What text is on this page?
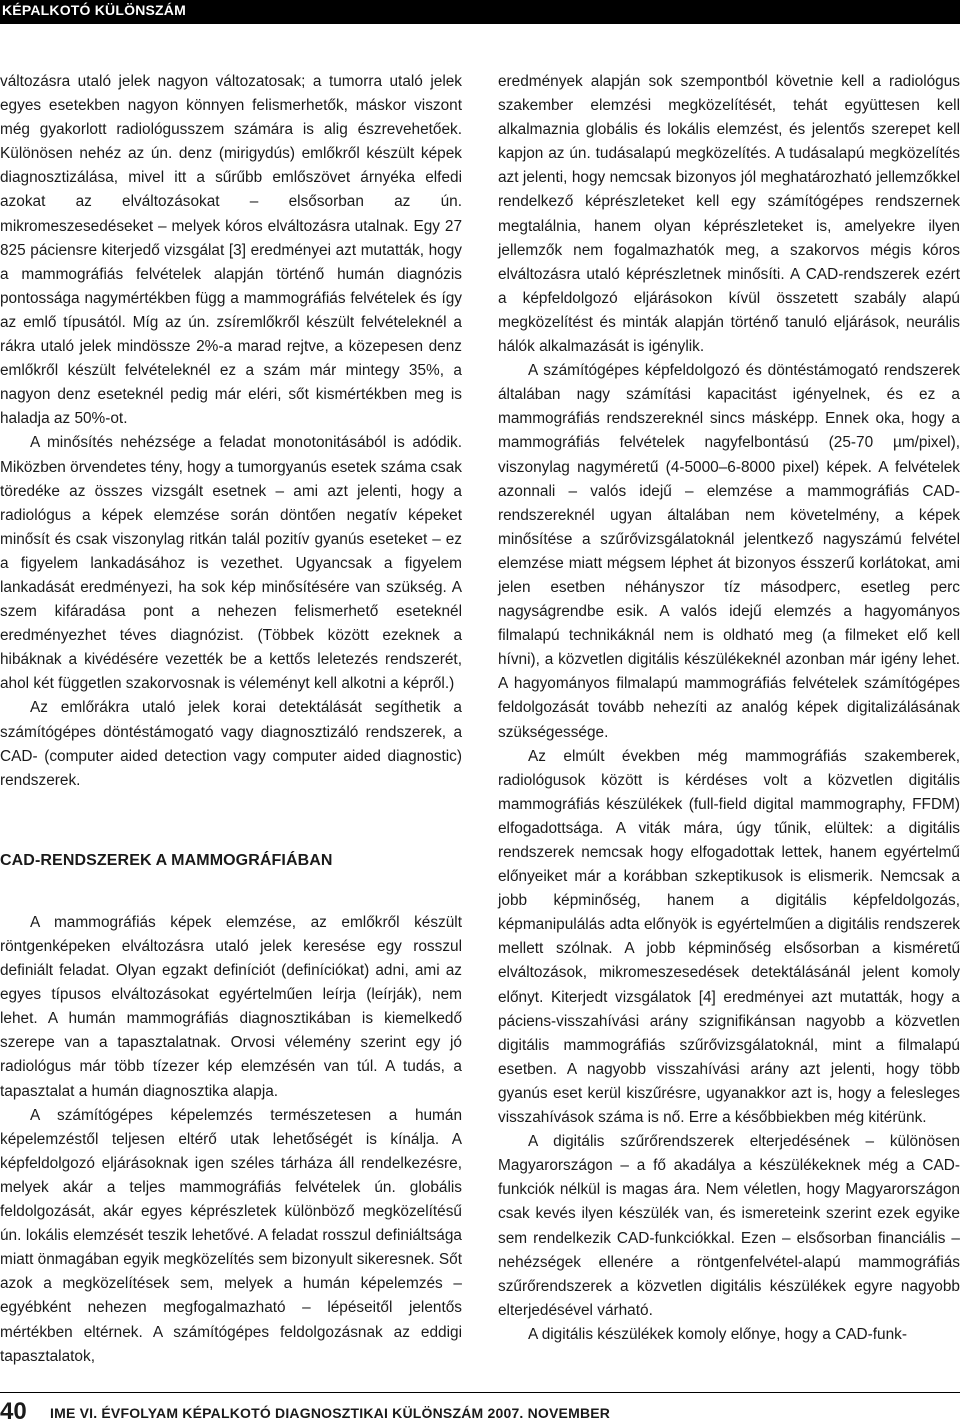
KÉPALKOTÓ KÜLÖNSZÁM

változásra utaló jelek nagyon változatosak; a tumorra utaló jelek egyes esetekben nagyon könnyen felismerhetők, máskor viszont még gyakorlott radiológusszem számára is alig észrevehetőek. Különösen nehéz az ún. denz (mirigydús) emlőkről készült képek diagnosztizálása, mivel itt a sűrűbb emlőszövet árnyéka elfedi azokat az elváltozásokat – elsősorban az ún. mikromeszesedéseket – melyek kóros elváltozásra utalnak. Egy 27 825 páciensre kiterjedő vizsgálat [3] eredményei azt mutatták, hogy a mammográfiás felvételek alapján történő humán diagnózis pontossága nagymértékben függ a mammográfiás felvételek és így az emlő típusától. Míg az ún. zsíremlőkről készült felvételeknél a rákra utaló jelek mindössze 2%-a marad rejtve, a közepesen denz emlőkről készült felvételeknél ez a szám már mintegy 35%, a nagyon denz eseteknél pedig már eléri, sőt kismértékben meg is haladja az 50%-ot.

A minősítés nehézsége a feladat monotonitásából is adódik. Miközben örvendetes tény, hogy a tumorgyanús esetek száma csak töredéke az összes vizsgált esetnek – ami azt jelenti, hogy a radiológus a képek elemzése során döntően negatív képeket minősít és csak viszonylag ritkán talál pozitív gyanús eseteket – ez a figyelem lankadásához is vezethet. Ugyancsak a figyelem lankadását eredményezi, ha sok kép minősítésére van szükség. A szem kifáradása pont a nehezen felismerhető eseteknél eredményezhet téves diagnózist. (Többek között ezeknek a hibáknak a kivédésére vezették be a kettős leletezés rendszerét, ahol két független szakorvosnak is véleményt kell alkotni a képről.)

Az emlőrákra utaló jelek korai detektálását segíthetik a számítógépes döntéstámogató vagy diagnosztizáló rendszerek, a CAD- (computer aided detection vagy computer aided diagnostic) rendszerek.

CAD-RENDSZEREK A MAMMOGRÁFIÁBAN

A mammográfiás képek elemzése, az emlőkről készült röntgenképeken elváltozásra utaló jelek keresése egy rosszul definiált feladat. Olyan egzakt definíciót (definíciókat) adni, ami az egyes típusos elváltozásokat egyértelműen leírja (leírják), nem lehet. A humán mammográfiás diagnosztikában is kiemelkedő szerepe van a tapasztalatnak. Orvosi vélemény szerint egy jó radiológus már több tízezer kép elemzésén van túl. A tudás, a tapasztalat a humán diagnosztika alapja.

A számítógépes képelemzés természetesen a humán képelemzéstől teljesen eltérő utak lehetőségét is kínálja. A képfeldolgozó eljárásoknak igen széles tárháza áll rendelkezésre, melyek akár a teljes mammográfiás felvételek ún. globális feldolgozását, akár egyes képrészletek különböző megközelítésű ún. lokális elemzését teszik lehetővé. A feladat rosszul definiáltsága miatt önmagában egyik megközelítés sem bizonyult sikeresnek. Sőt azok a megközelítések sem, melyek a humán képelemzés – egyébként nehezen megfogalmazható – lépéseitől jelentős mértékben eltérnek. A számítógépes feldolgozásnak az eddigi tapasztalatok,

eredmények alapján sok szempontból követnie kell a radiológus szakember elemzési megközelítését, tehát együttesen kell alkalmaznia globális és lokális elemzést, és jelentős szerepet kell kapjon az ún. tudásalapú megközelítés. A tudásalapú megközelítés azt jelenti, hogy nemcsak bizonyos jól meghatározható jellemzőkkel rendelkező képrészleteket kell egy számítógépes rendszernek megtalálnia, hanem olyan képrészleteket is, amelyekre ilyen jellemzők nem fogalmazhatók meg, a szakorvos mégis kóros elváltozásra utaló képrészletnek minősíti. A CAD-rendszerek ezért a képfeldolgozó eljárásokon kívül összetett szabály alapú megközelítést és minták alapján történő tanuló eljárások, neurális hálók alkalmazását is igénylik.

A számítógépes képfeldolgozó és döntéstámogató rendszerek általában nagy számítási kapacitást igényelnek, és ez a mammográfiás rendszereknél sincs másképp. Ennek oka, hogy a mammográfiás felvételek nagyfelbontású (25-70 µm/pixel), viszonylag nagyméretű (4-5000–6-8000 pixel) képek. A felvételek azonnali – valós idejű – elemzése a mammográfiás CAD-rendszereknél ugyan általában nem követelmény, a képek minősítése a szűrővizsgálatoknál jelentkező nagyszámú felvétel elemzése miatt mégsem léphet át bizonyos ésszerű korlátokat, ami jelen esetben néhányszor tíz másodperc, esetleg perc nagyságrendbe esik. A valós idejű elemzés a hagyományos filmalapú technikáknál nem is oldható meg (a filmeket elő kell hívni), a közvetlen digitális készülékeknél azonban már igény lehet. A hagyományos filmalapú mammográfiás felvételek számítógépes feldolgozását tovább nehezíti az analóg képek digitalizálásának szükségessége.

Az elmúlt években még mammográfiás szakemberek, radiológusok között is kérdéses volt a közvetlen digitális mammográfiás készülékek (full-field digital mammography, FFDM) elfogadottsága. A viták mára, úgy tűnik, elültek: a digitális rendszerek nemcsak hogy elfogadottak lettek, hanem egyértelmű előnyeiket már a korábban szkeptikusok is elismerik. Nemcsak a jobb képminőség, hanem a digitális képfeldolgozás, képmanipulálás adta előnyök is egyértelműen a digitális rendszerek mellett szólnak. A jobb képminőség elsősorban a kisméretű elváltozások, mikromeszesedések detektálásánál jelent komoly előnyt. Kiterjedt vizsgálatok [4] eredményei azt mutatták, hogy a páciens-visszahívási arány szignifikánsan nagyobb a közvetlen digitális mammográfiás szűrővizsgálatoknál, mint a filmalapú esetben. A nagyobb visszahívási arány azt jelenti, hogy több gyanús eset kerül kiszűrésre, ugyanakkor azt is, hogy a felesleges visszahívások száma is nő. Erre a későbbiekben még kitérünk.

A digitális szűrőrendszerek elterjedésének – különösen Magyarországon – a fő akadálya a készülékeknek még a CAD-funkciók nélkül is magas ára. Nem véletlen, hogy Magyarországon csak kevés ilyen készülék van, és ismereteink szerint ezek egyike sem rendelkezik CAD-funkciókkal. Ezen – elsősorban financiális – nehézségek ellenére a röntgenfelvétel-alapú mammográfiás szűrőrendszerek a közvetlen digitális készülékek egyre nagyobb elterjedésével várható.

A digitális készülékek komoly előnye, hogy a CAD-funk-

40 IME VI. ÉVFOLYAM KÉPALKOTÓ DIAGNOSZTIKAI KÜLÖNSZÁM 2007. NOVEMBER
